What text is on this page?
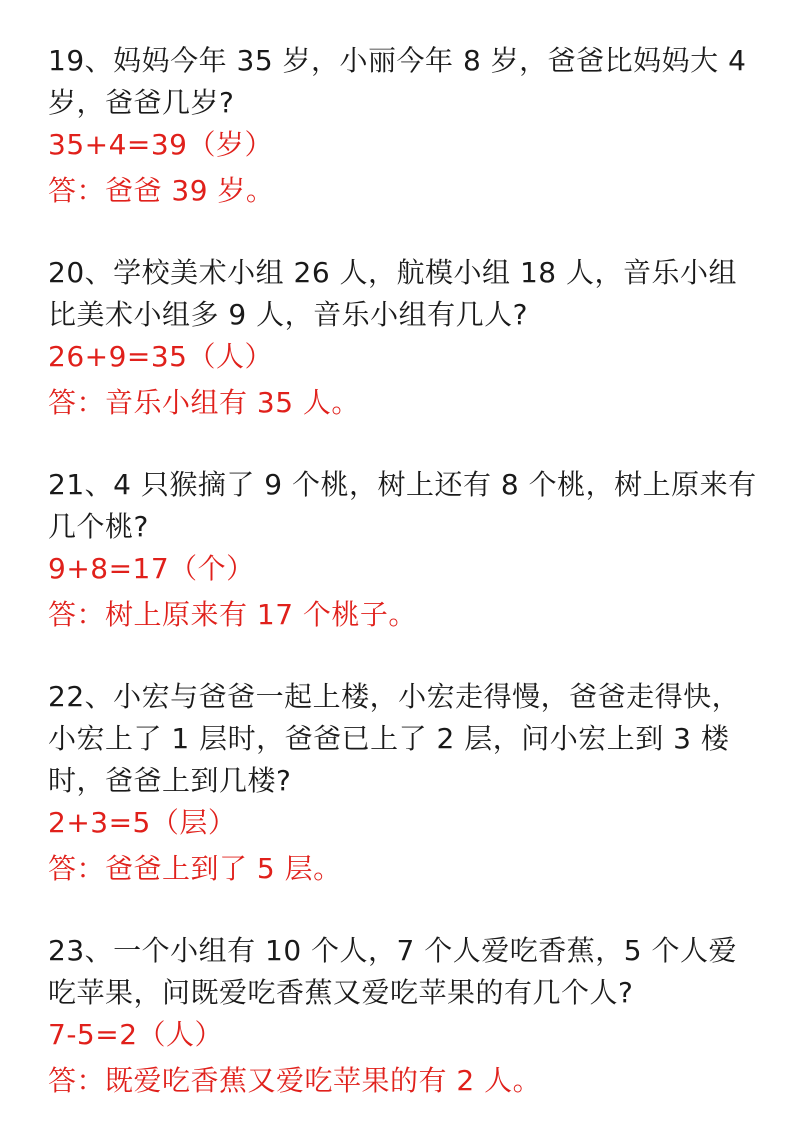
19、妈妈今年 35 岁，小丽今年 8 岁，爸爸比妈妈大 4 岁，爸爸几岁?

35+4=39（岁）

答：爸爸 39 岁。

20、学校美术小组 26 人，航模小组 18 人，音乐小组比美术小组多 9 人，音乐小组有几人?

26+9=35（人）

答：音乐小组有 35 人。

21、4 只猴摘了 9 个桃，树上还有 8 个桃，树上原来有几个桃?

9+8=17（个）

答：树上原来有 17 个桃子。

22、小宏与爸爸一起上楼，小宏走得慢，爸爸走得快，小宏上了 1 层时，爸爸已上了 2 层，问小宏上到 3 楼时，爸爸上到几楼?

2+3=5（层）

答：爸爸上到了 5 层。

23、一个小组有 10 个人，7 个人爱吃香蕉，5 个人爱吃苹果，问既爱吃香蕉又爱吃苹果的有几个人?

7-5=2（人）

答：既爱吃香蕉又爱吃苹果的有 2 人。
